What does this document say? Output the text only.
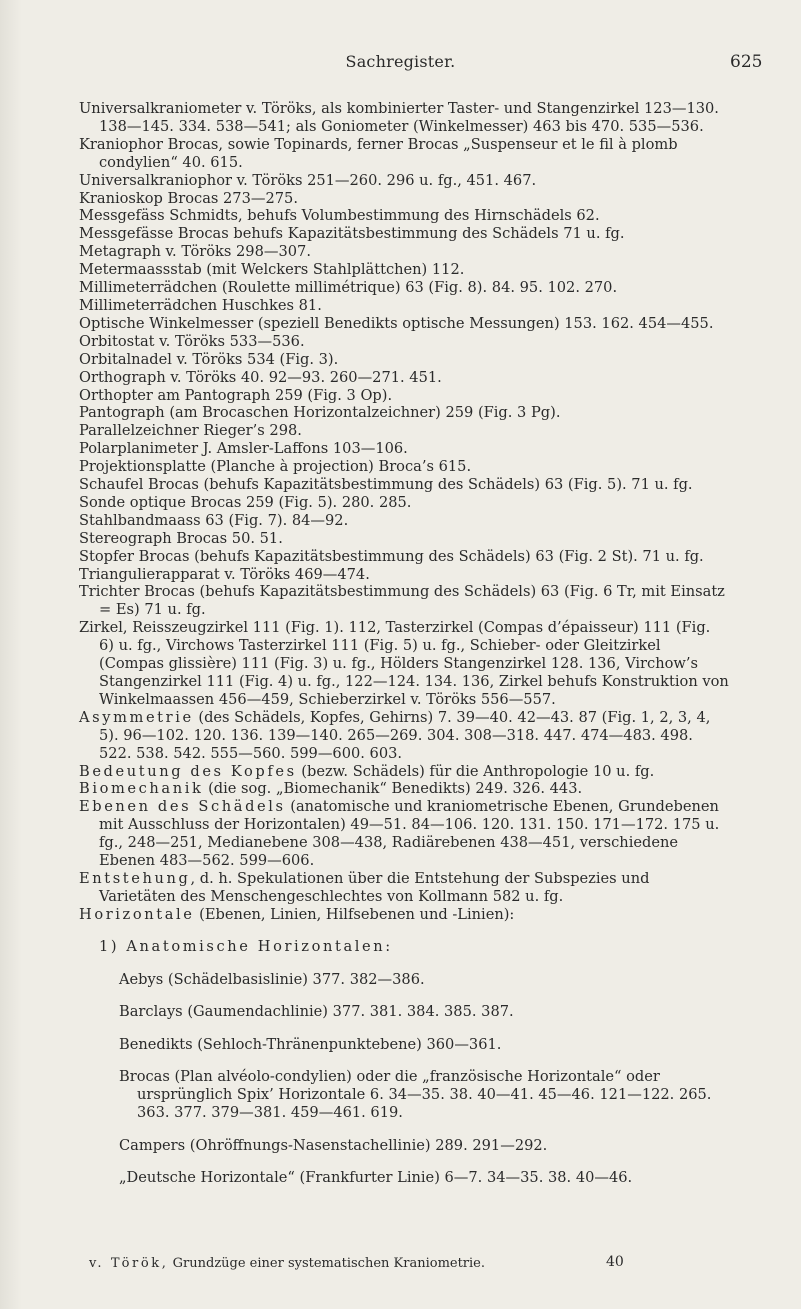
Sachregister.	625

Universalkraniometer v. Töröks, als kombinierter Taster- und Stangenzirkel 123—130. 138—145. 334. 538—541; als Goniometer (Winkelmesser) 463 bis 470. 535—536.

Kraniophor Brocas, sowie Topinards, ferner Brocas „Suspenseur et le fil à plomb condylien“ 40. 615.

Universalkraniophor v. Töröks 251—260. 296 u. fg., 451. 467.

Kranioskop Brocas 273—275.

Messgefäss Schmidts, behufs Volumbestimmung des Hirnschädels 62.

Messgefässe Brocas behufs Kapazitätsbestimmung des Schädels 71 u. fg.

Metagraph v. Töröks 298—307.

Metermaassstab (mit Welckers Stahlplättchen) 112.

Millimeterrädchen (Roulette millimétrique) 63 (Fig. 8). 84. 95. 102. 270.

Millimeterrädchen Huschkes 81.

Optische Winkelmesser (speziell Benedikts optische Messungen) 153. 162. 454—455.

Orbitostat v. Töröks 533—536.

Orbitalnadel v. Töröks 534 (Fig. 3).

Orthograph v. Töröks 40. 92—93. 260—271. 451.

Orthopter am Pantograph 259 (Fig. 3 Op).

Pantograph (am Brocaschen Horizontalzeichner) 259 (Fig. 3 Pg).

Parallelzeichner Rieger’s 298.

Polarplanimeter J. Amsler-Laffons 103—106.

Projektionsplatte (Planche à projection) Broca’s 615.

Schaufel Brocas (behufs Kapazitätsbestimmung des Schädels) 63 (Fig. 5). 71 u. fg.

Sonde optique Brocas 259 (Fig. 5). 280. 285.

Stahlbandmaass 63 (Fig. 7). 84—92.

Stereograph Brocas 50. 51.

Stopfer Brocas (behufs Kapazitätsbestimmung des Schädels) 63 (Fig. 2 St). 71 u. fg.

Triangulierapparat v. Töröks 469—474.

Trichter Brocas (behufs Kapazitätsbestimmung des Schädels) 63 (Fig. 6 Tr, mit Einsatz = Es) 71 u. fg.

Zirkel, Reisszeugzirkel 111 (Fig. 1). 112, Tasterzirkel (Compas d’épaisseur) 111 (Fig. 6) u. fg., Virchows Tasterzirkel 111 (Fig. 5) u. fg., Schieber- oder Gleitzirkel (Compas glissière) 111 (Fig. 3) u. fg., Hölders Stangenzirkel 128. 136, Virchow’s Stangenzirkel 111 (Fig. 4) u. fg., 122—124. 134. 136, Zirkel behufs Konstruktion von Winkelmaassen 456—459, Schieberzirkel v. Töröks 556—557.

Asymmetrie (des Schädels, Kopfes, Gehirns) 7. 39—40. 42—43. 87 (Fig. 1, 2, 3, 4, 5). 96—102. 120. 136. 139—140. 265—269. 304. 308—318. 447. 474—483. 498. 522. 538. 542. 555—560. 599—600. 603.

Bedeutung des Kopfes (bezw. Schädels) für die Anthropologie 10 u. fg.

Biomechanik (die sog. „Biomechanik“ Benedikts) 249. 326. 443.

Ebenen des Schädels (anatomische und kraniometrische Ebenen, Grundebenen mit Ausschluss der Horizontalen) 49—51. 84—106. 120. 131. 150. 171—172. 175 u. fg., 248—251, Medianebene 308—438, Radiärebenen 438—451, verschiedene Ebenen 483—562. 599—606.

Entstehung, d. h. Spekulationen über die Entstehung der Subspezies und Varietäten des Menschengeschlechtes von Kollmann 582 u. fg.

Horizontale (Ebenen, Linien, Hilfsebenen und -Linien):

1) Anatomische Horizontalen:

Aebys (Schädelbasislinie) 377. 382—386.

Barclays (Gaumendachlinie) 377. 381. 384. 385. 387.

Benedikts (Sehloch-Thränenpunktebene) 360—361.

Brocas (Plan alvéolo-condylien) oder die „französische Horizontale“ oder ursprünglich Spix’ Horizontale 6. 34—35. 38. 40—41. 45—46. 121—122. 265. 363. 377. 379—381. 459—461. 619.

Campers (Ohröffnungs-Nasenstachellinie) 289. 291—292.

„Deutsche Horizontale“ (Frankfurter Linie) 6—7. 34—35. 38. 40—46.

v. Török, Grundzüge einer systematischen Kraniometrie.	40
